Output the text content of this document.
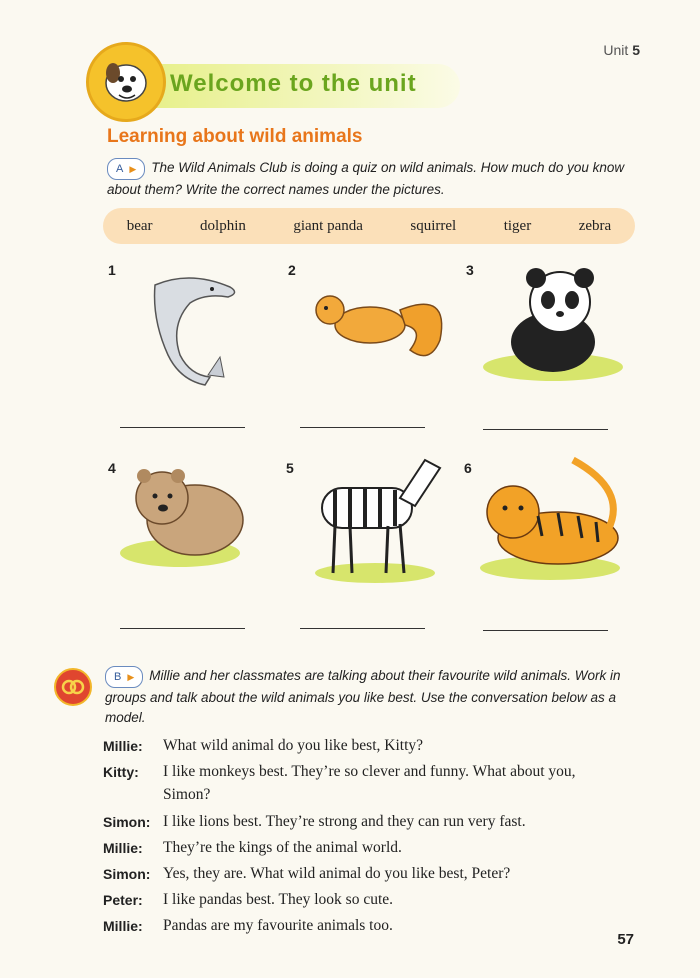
Unit 5
Welcome to the unit
Learning about wild animals
A ▶ The Wild Animals Club is doing a quiz on wild animals. How much do you know about them? Write the correct names under the pictures.
bear	dolphin	giant panda	squirrel	tiger	zebra
1	2	3
4	5	6
B ▶ Millie and her classmates are talking about their favourite wild animals. Work in groups and talk about the wild animals you like best. Use the conversation below as a model.
Millie: What wild animal do you like best, Kitty?
Kitty: I like monkeys best. They’re so clever and funny. What about you, Simon?
Simon: I like lions best. They’re strong and they can run very fast.
Millie: They’re the kings of the animal world.
Simon: Yes, they are. What wild animal do you like best, Peter?
Peter: I like pandas best. They look so cute.
Millie: Pandas are my favourite animals too.
57
